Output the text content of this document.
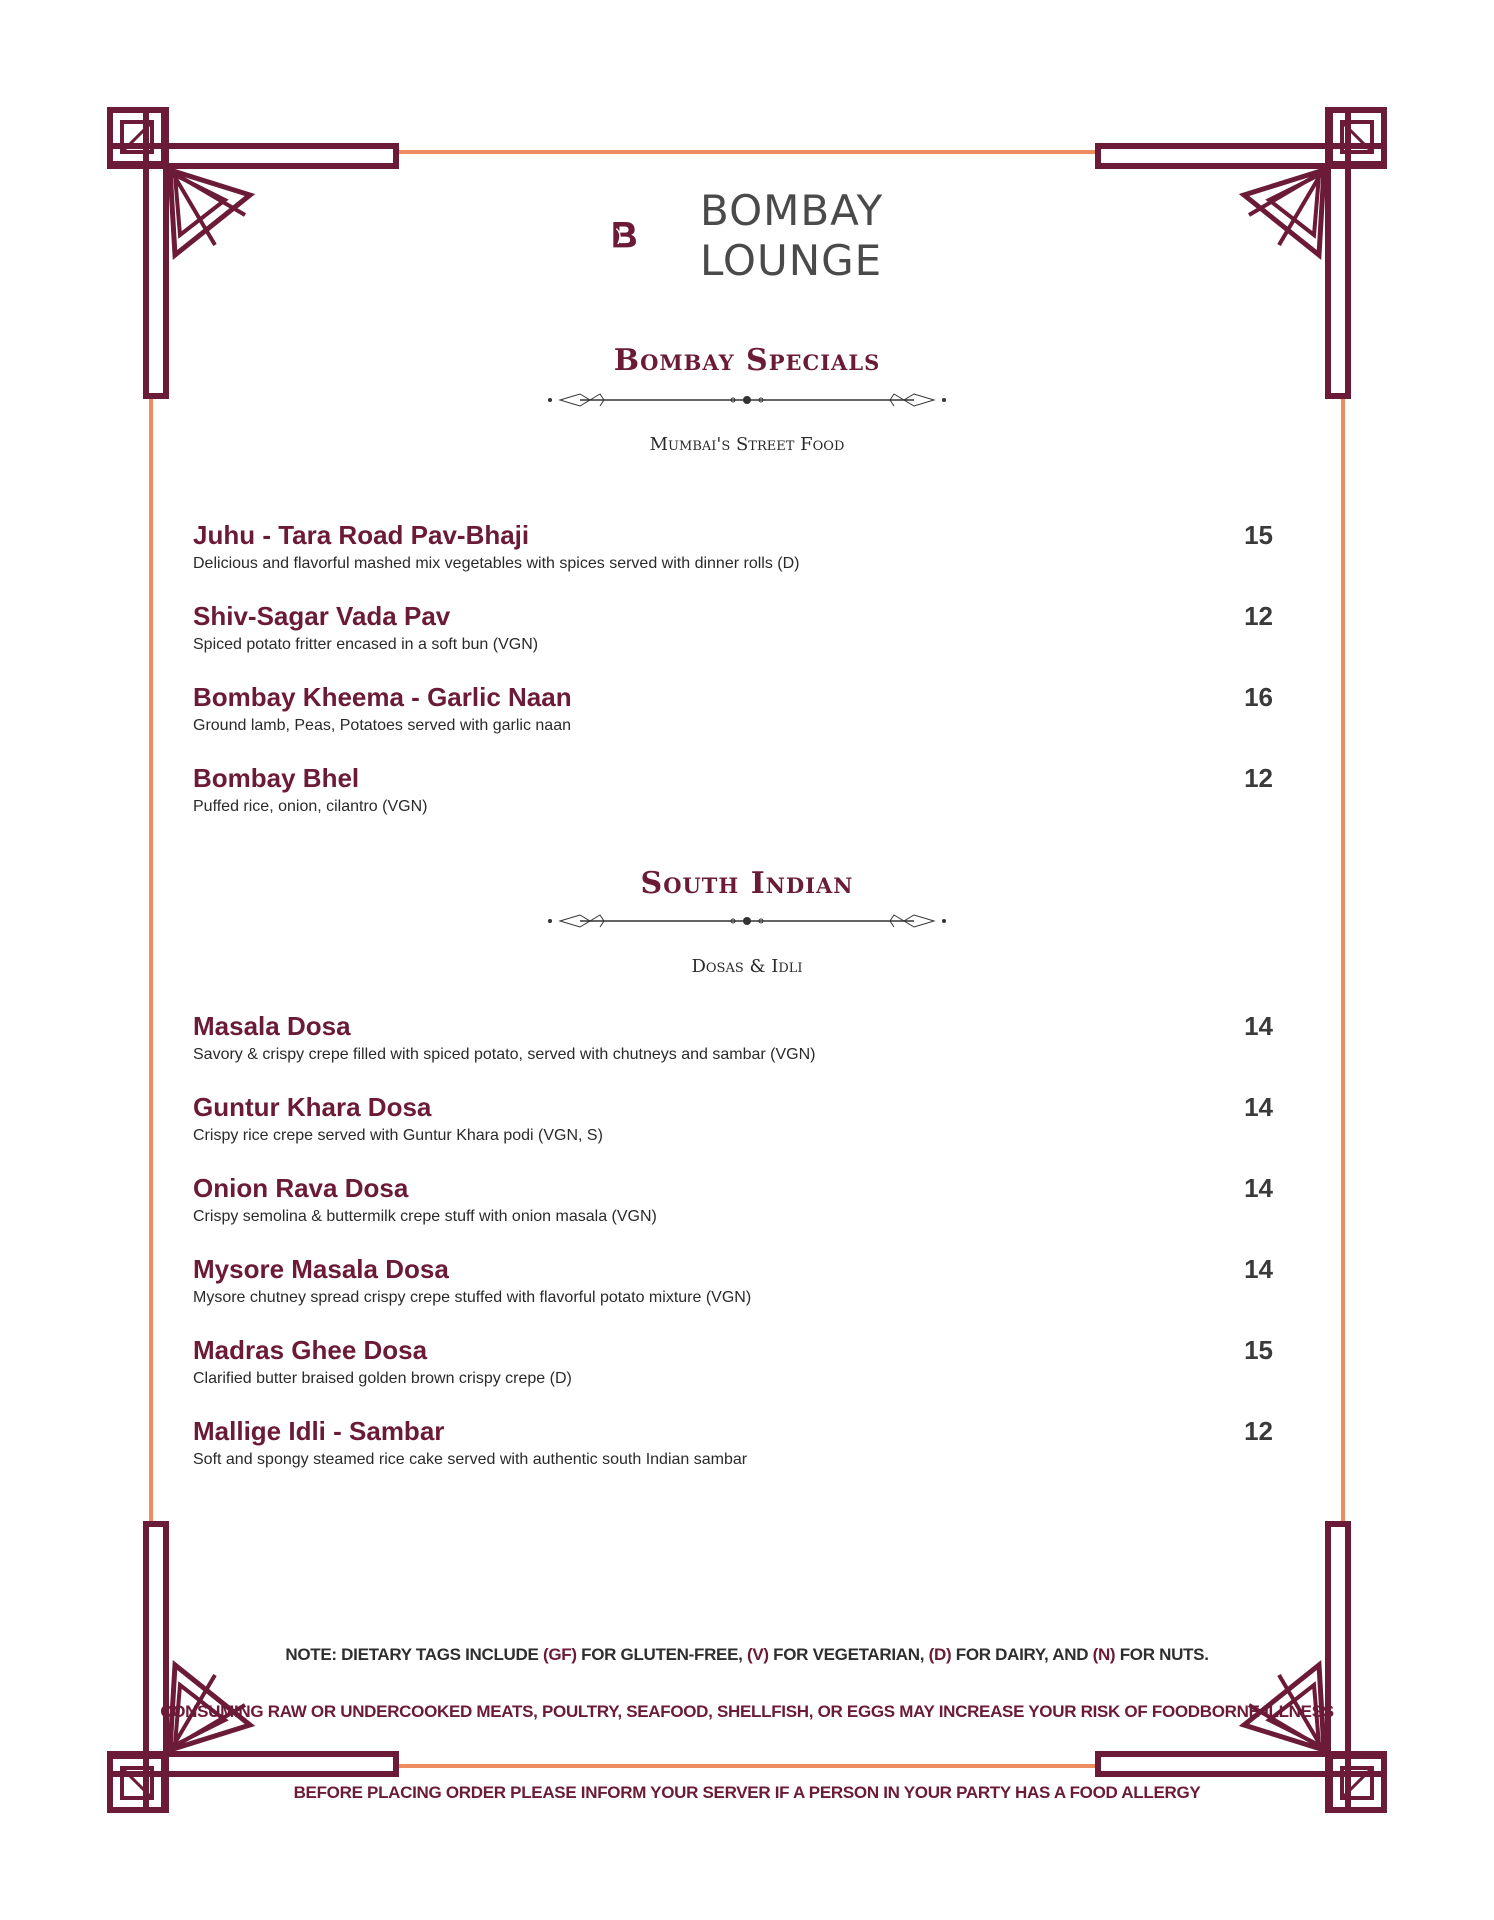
BOMBAY
LOUNGE
Bombay Specials
Mumbai's Street Food
Juhu - Tara Road Pav-Bhaji
Delicious and flavorful mashed mix vegetables with spices served with dinner rolls (D)
15
Shiv-Sagar Vada Pav
Spiced potato fritter encased in a soft bun (VGN)
12
Bombay Kheema - Garlic Naan
Ground lamb, Peas, Potatoes served with garlic naan
16
Bombay Bhel
Puffed rice, onion, cilantro (VGN)
12
South Indian
Dosas & Idli
Masala Dosa
Savory & crispy crepe filled with spiced potato, served with chutneys and sambar (VGN)
14
Guntur Khara Dosa
Crispy rice crepe served with Guntur Khara podi (VGN, S)
14
Onion Rava Dosa
Crispy semolina & buttermilk crepe stuff with onion masala (VGN)
14
Mysore Masala Dosa
Mysore chutney spread crispy crepe stuffed with flavorful potato mixture (VGN)
14
Madras Ghee Dosa
Clarified butter braised golden brown crispy crepe (D)
15
Mallige Idli - Sambar
Soft and spongy steamed rice cake served with authentic south Indian sambar
12
NOTE: DIETARY TAGS INCLUDE (GF) FOR GLUTEN-FREE, (V) FOR VEGETARIAN, (D) FOR DAIRY, AND (N) FOR NUTS.
CONSUMING RAW OR UNDERCOOKED MEATS, POULTRY, SEAFOOD, SHELLFISH, OR EGGS MAY INCREASE YOUR RISK OF FOODBORNE ILLNESS
BEFORE PLACING ORDER PLEASE INFORM YOUR SERVER IF A PERSON IN YOUR PARTY HAS A FOOD ALLERGY
